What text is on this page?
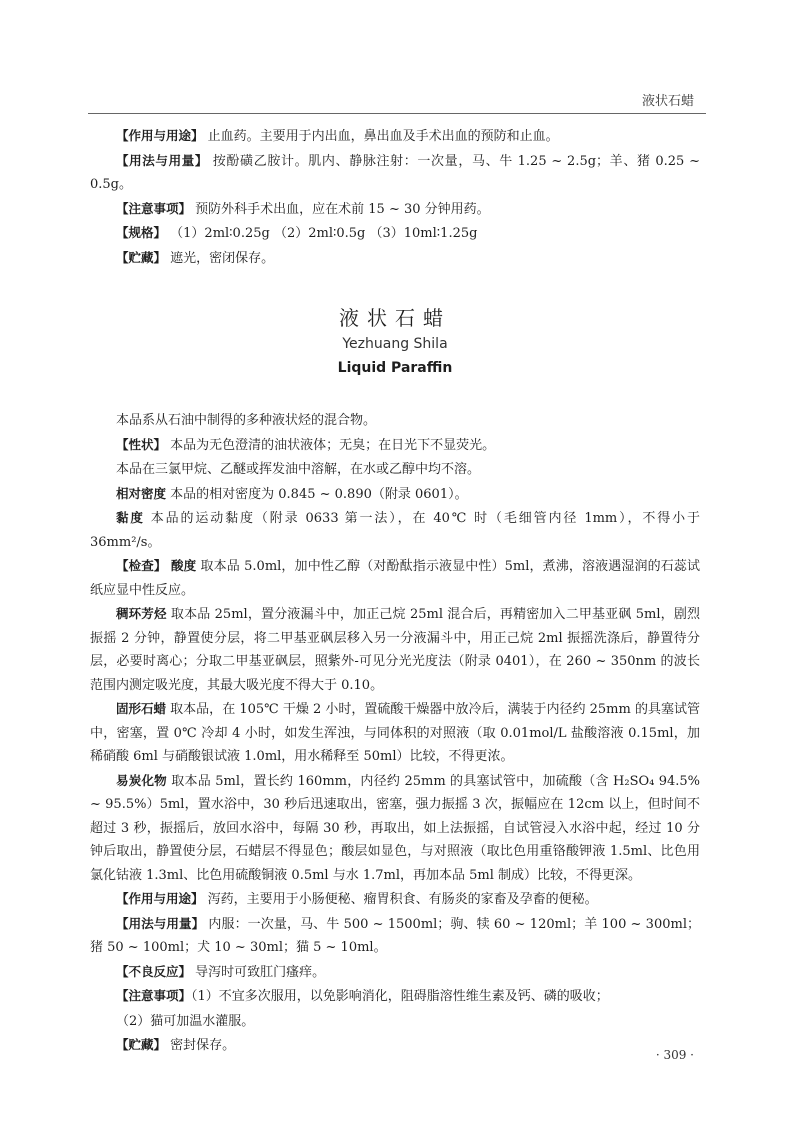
液状石蜡

【作用与用途】 止血药。主要用于内出血，鼻出血及手术出血的预防和止血。

【用法与用量】 按酚磺乙胺计。肌内、静脉注射：一次量，马、牛 1.25 ~ 2.5g；羊、猪 0.25 ~ 0.5g。

【注意事项】 预防外科手术出血，应在术前 15 ~ 30 分钟用药。

【规格】 （1）2ml∶0.25g （2）2ml∶0.5g （3）10ml∶1.25g

【贮藏】 遮光，密闭保存。

液状石蜡
Yezhuang Shila
Liquid Paraffin

本品系从石油中制得的多种液状烃的混合物。

【性状】 本品为无色澄清的油状液体；无臭；在日光下不显荧光。

本品在三氯甲烷、乙醚或挥发油中溶解，在水或乙醇中均不溶。

相对密度 本品的相对密度为 0.845 ~ 0.890（附录 0601）。

黏度 本品的运动黏度（附录 0633 第一法），在 40℃ 时（毛细管内径 1mm），不得小于 36mm²/s。

【检查】 酸度 取本品 5.0ml，加中性乙醇（对酚酞指示液显中性）5ml，煮沸，溶液遇湿润的石蕊试纸应显中性反应。

稠环芳烃 取本品 25ml，置分液漏斗中，加正己烷 25ml 混合后，再精密加入二甲基亚砜 5ml，剧烈振摇 2 分钟，静置使分层，将二甲基亚砜层移入另一分液漏斗中，用正己烷 2ml 振摇洗涤后，静置待分层，必要时离心；分取二甲基亚砜层，照紫外-可见分光光度法（附录 0401），在 260 ~ 350nm 的波长范围内测定吸光度，其最大吸光度不得大于 0.10。

固形石蜡 取本品，在 105℃ 干燥 2 小时，置硫酸干燥器中放冷后，满装于内径约 25mm 的具塞试管中，密塞，置 0℃ 冷却 4 小时，如发生浑浊，与同体积的对照液（取 0.01mol/L 盐酸溶液 0.15ml，加稀硝酸 6ml 与硝酸银试液 1.0ml，用水稀释至 50ml）比较，不得更浓。

易炭化物 取本品 5ml，置长约 160mm，内径约 25mm 的具塞试管中，加硫酸（含 H₂SO₄ 94.5% ~ 95.5%）5ml，置水浴中，30 秒后迅速取出，密塞，强力振摇 3 次，振幅应在 12cm 以上，但时间不超过 3 秒，振摇后，放回水浴中，每隔 30 秒，再取出，如上法振摇，自试管浸入水浴中起，经过 10 分钟后取出，静置使分层，石蜡层不得显色；酸层如显色，与对照液（取比色用重铬酸钾液 1.5ml、比色用氯化钴液 1.3ml、比色用硫酸铜液 0.5ml 与水 1.7ml，再加本品 5ml 制成）比较，不得更深。

【作用与用途】 泻药，主要用于小肠便秘、瘤胃积食、有肠炎的家畜及孕畜的便秘。

【用法与用量】 内服：一次量，马、牛 500 ~ 1500ml；驹、犊 60 ~ 120ml；羊 100 ~ 300ml；猪 50 ~ 100ml；犬 10 ~ 30ml；猫 5 ~ 10ml。

【不良反应】 导泻时可致肛门瘙痒。

【注意事项】（1）不宜多次服用，以免影响消化，阻碍脂溶性维生素及钙、磷的吸收；

（2）猫可加温水灌服。

【贮藏】 密封保存。

· 309 ·
